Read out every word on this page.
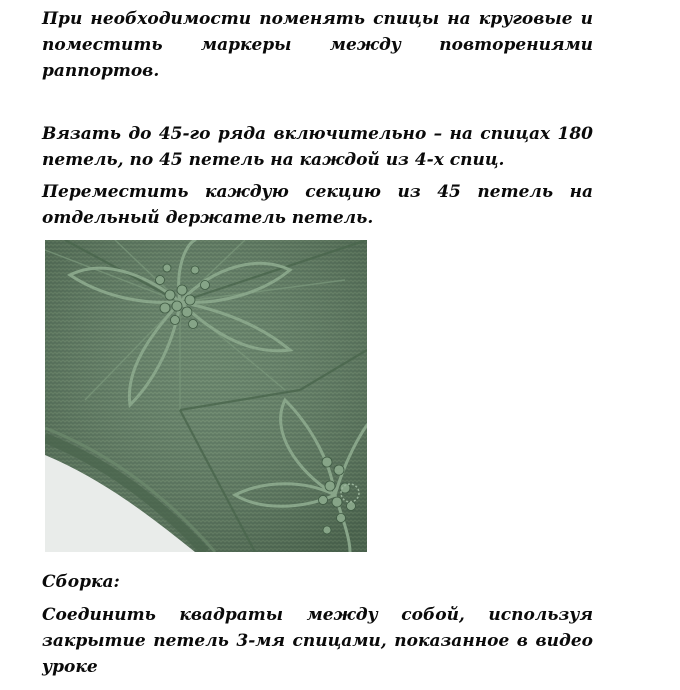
При необходимости поменять спицы на круговые и поместить маркеры между повторениями раппортов.

Вязать до 45-го ряда включительно – на спицах 180 петель, по 45 петель на каждой из 4-х спиц.

Переместить каждую секцию из 45 петель на отдельный держатель петель.

Сборка:

Соединить квадраты между собой, используя закрытие петель 3-мя спицами, показанное в видео уроке
